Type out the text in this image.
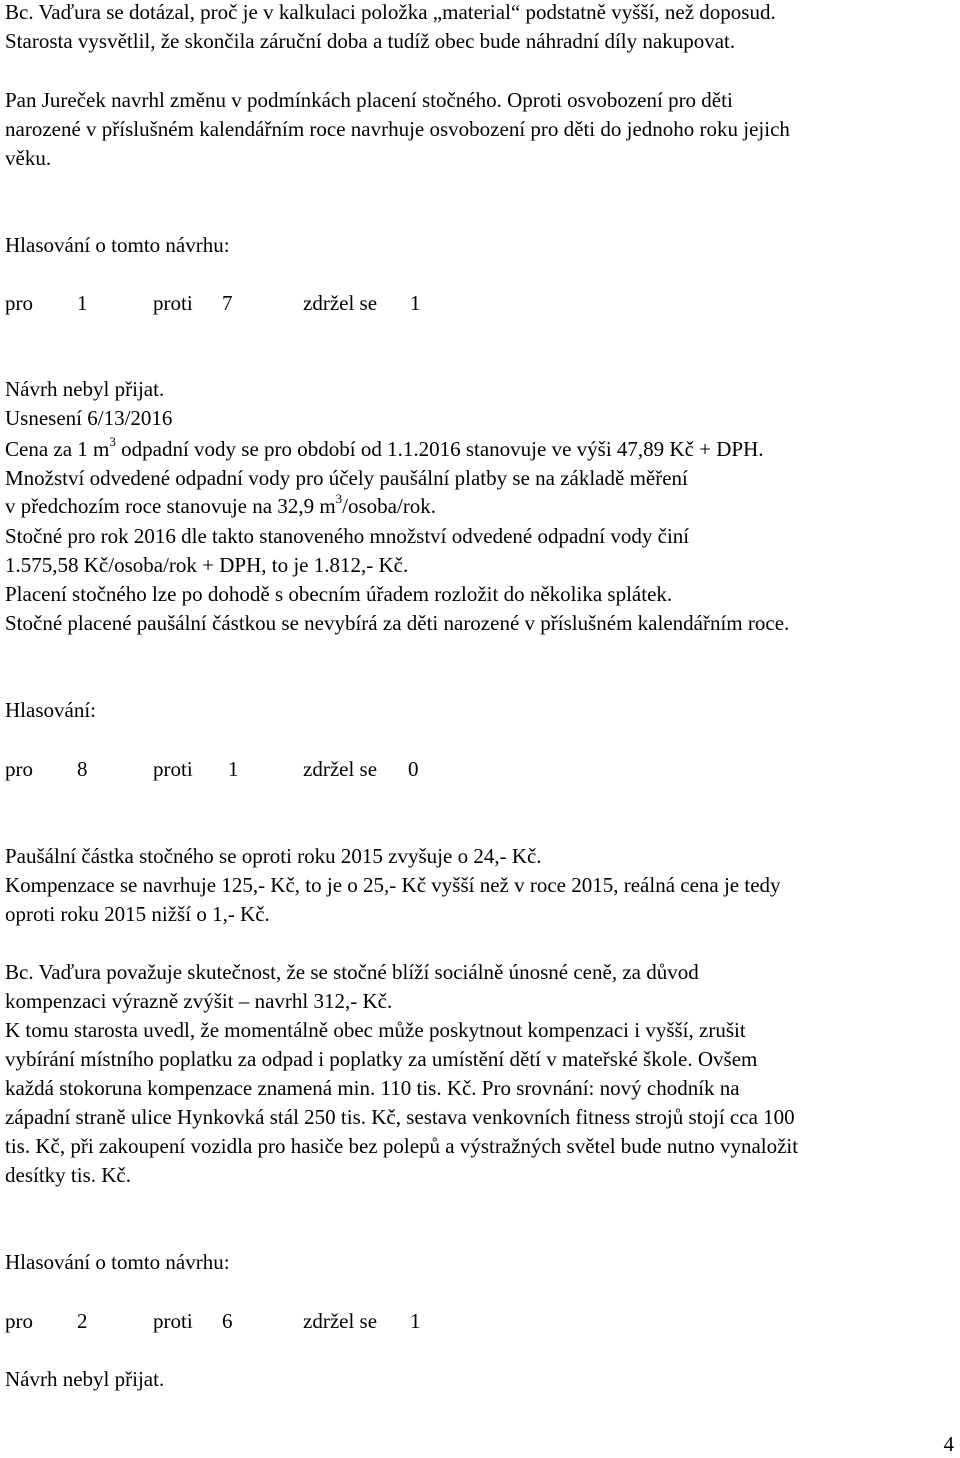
Bc. Vaďura se dotázal, proč je v kalkulaci položka „material“ podstatně vyšší, než doposud.
Starosta vysvětlil, že skončila záruční doba a tudíž obec bude náhradní díly nakupovat.
Pan Jureček navrhl změnu v podmínkách placení stočného. Oproti osvobození pro děti
narozené v příslušném kalendářním roce navrhuje osvobození pro děti do jednoho roku jejich
věku.
Hlasování o tomto návrhu:
pro 1	proti 7	zdržel se 1
Návrh nebyl přijat.
Usnesení 6/13/2016
Cena za 1 $m^3$ odpadní vody se pro období od 1.1.2016 stanovuje ve výši 47,89 Kč + DPH.
Množství odvedené odpadní vody pro účely paušální platby se na základě měření
v předchozím roce stanovuje na 32,9 $m^3/osoba$/rok.
Stočné pro rok 2016 dle takto stanoveného množství odvedené odpadní vody činí
1.575,58 Kč/osoba/rok + DPH, to je 1.812,- Kč.
Placení stočného lze po dohodě s obecním úřadem rozložit do několika splátek.
Stočné placené paušální částkou se nevybírá za děti narozené v příslušném kalendářním roce.
Hlasování:
pro 8	proti 1	zdržel se 0
Paušální částka stočného se oproti roku 2015 zvyšuje o 24,- Kč.
Kompenzace se navrhuje 125,- Kč, to je o 25,- Kč vyšší než v roce 2015, reálná cena je tedy
oproti roku 2015 nižší o 1,- Kč.
Bc. Vaďura považuje skutečnost, že se stočné blíží sociálně únosné ceně, za důvod
kompenzaci výrazně zvýšit – navrhl 312,- Kč.
K tomu starosta uvedl, že momentálně obec může poskytnout kompenzaci i vyšší, zrušit
vybírání místního poplatku za odpad i poplatky za umístění dětí v mateřské škole. Ovšem
každá stokoruna kompenzace znamená min. 110 tis. Kč. Pro srovnání: nový chodník na
západní straně ulice Hynkovká stál 250 tis. Kč, sestava venkovních fitness strojů stojí cca 100
tis. Kč, při zakoupení vozidla pro hasiče bez polepů a výstražných světel bude nutno vynaložit
desítky tis. Kč.
Hlasování o tomto návrhu:
pro 2	proti 6	zdržel se 1
Návrh nebyl přijat.
4
